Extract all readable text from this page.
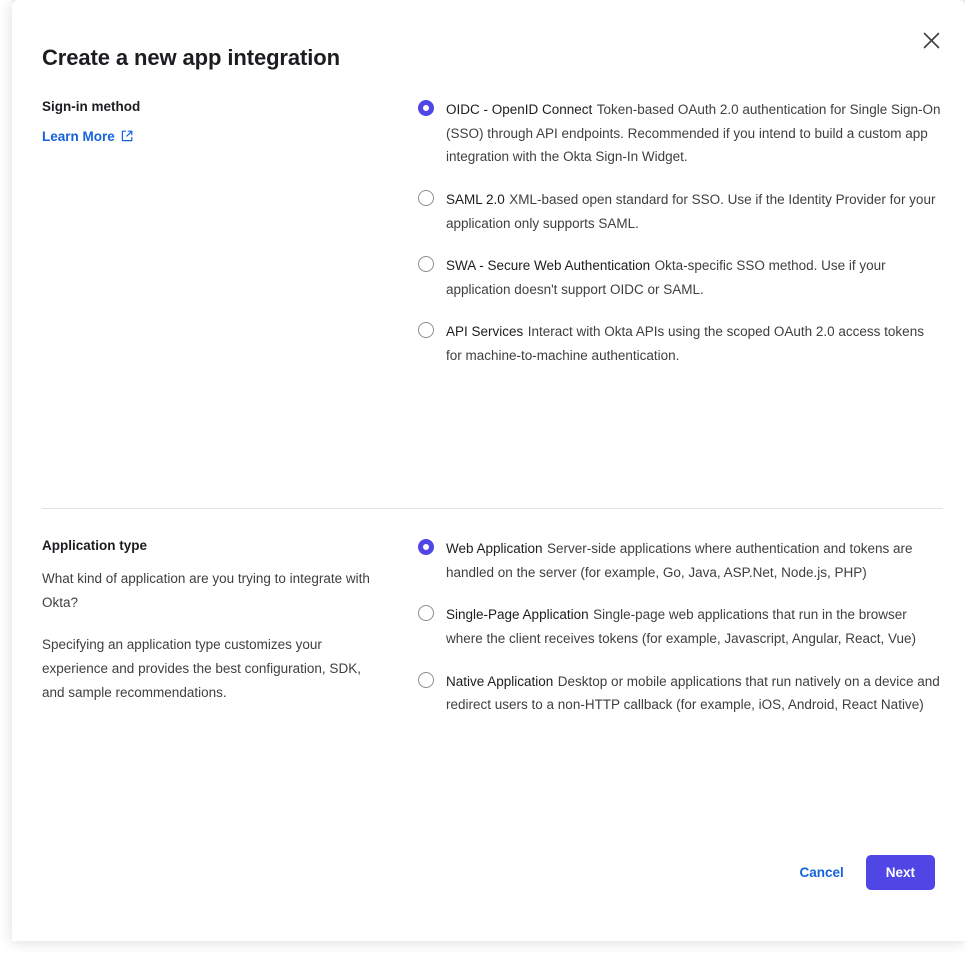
Create a new app integration
Sign-in method
Learn More
OIDC - OpenID Connect Token-based OAuth 2.0 authentication for Single Sign-On (SSO) through API endpoints. Recommended if you intend to build a custom app integration with the Okta Sign-In Widget.
SAML 2.0 XML-based open standard for SSO. Use if the Identity Provider for your application only supports SAML.
SWA - Secure Web Authentication Okta-specific SSO method. Use if your application doesn't support OIDC or SAML.
API Services Interact with Okta APIs using the scoped OAuth 2.0 access tokens for machine-to-machine authentication.
Application type

What kind of application are you trying to integrate with Okta?

Specifying an application type customizes your experience and provides the best configuration, SDK, and sample recommendations.

Web Application Server-side applications where authentication and tokens are handled on the server (for example, Go, Java, ASP.Net, Node.js, PHP)
Single-Page Application Single-page web applications that run in the browser where the client receives tokens (for example, Javascript, Angular, React, Vue)
Native Application Desktop or mobile applications that run natively on a device and redirect users to a non-HTTP callback (for example, iOS, Android, React Native)
Cancel	Next
